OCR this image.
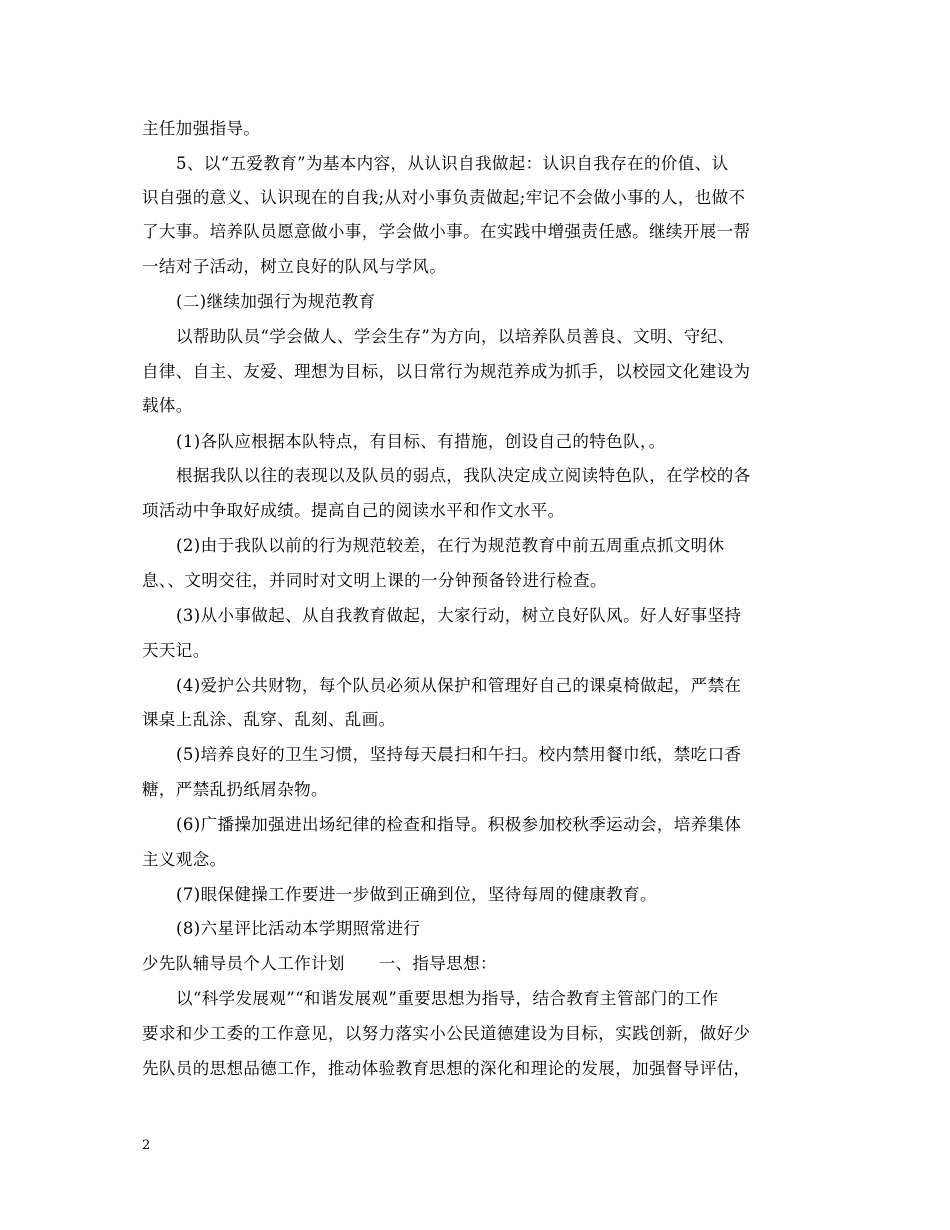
主任加强指导。
5、以“五爱教育”为基本内容，从认识自我做起：认识自我存在的价值、认
识自强的意义、认识现在的自我;从对小事负责做起;牢记不会做小事的人，也做不
了大事。培养队员愿意做小事，学会做小事。在实践中增强责任感。继续开展一帮
一结对子活动，树立良好的队风与学风。
(二)继续加强行为规范教育
以帮助队员“学会做人、学会生存”为方向，以培养队员善良、文明、守纪、
自律、自主、友爱、理想为目标，以日常行为规范养成为抓手，以校园文化建设为
载体。
(1)各队应根据本队特点，有目标、有措施，创设自己的特色队，。
根据我队以往的表现以及队员的弱点，我队决定成立阅读特色队，在学校的各
项活动中争取好成绩。提高自己的阅读水平和作文水平。
(2)由于我队以前的行为规范较差，在行为规范教育中前五周重点抓文明休
息、、文明交往，并同时对文明上课的一分钟预备铃进行检查。
(3)从小事做起、从自我教育做起，大家行动，树立良好队风。好人好事坚持
天天记。
(4)爱护公共财物，每个队员必须从保护和管理好自己的课桌椅做起，严禁在
课桌上乱涂、乱穿、乱刻、乱画。
(5)培养良好的卫生习惯，坚持每天晨扫和午扫。校内禁用餐巾纸，禁吃口香
糖，严禁乱扔纸屑杂物。
(6)广播操加强进出场纪律的检查和指导。积极参加校秋季运动会，培养集体
主义观念。
(7)眼保健操工作要进一步做到正确到位，坚待每周的健康教育。
(8)六星评比活动本学期照常进行
少先队辅导员个人工作计划　　一、指导思想：
以“科学发展观”“和谐发展观”重要思想为指导，结合教育主管部门的工作
要求和少工委的工作意见，以努力落实小公民道德建设为目标，实践创新，做好少
先队员的思想品德工作，推动体验教育思想的深化和理论的发展，加强督导评估，
2
